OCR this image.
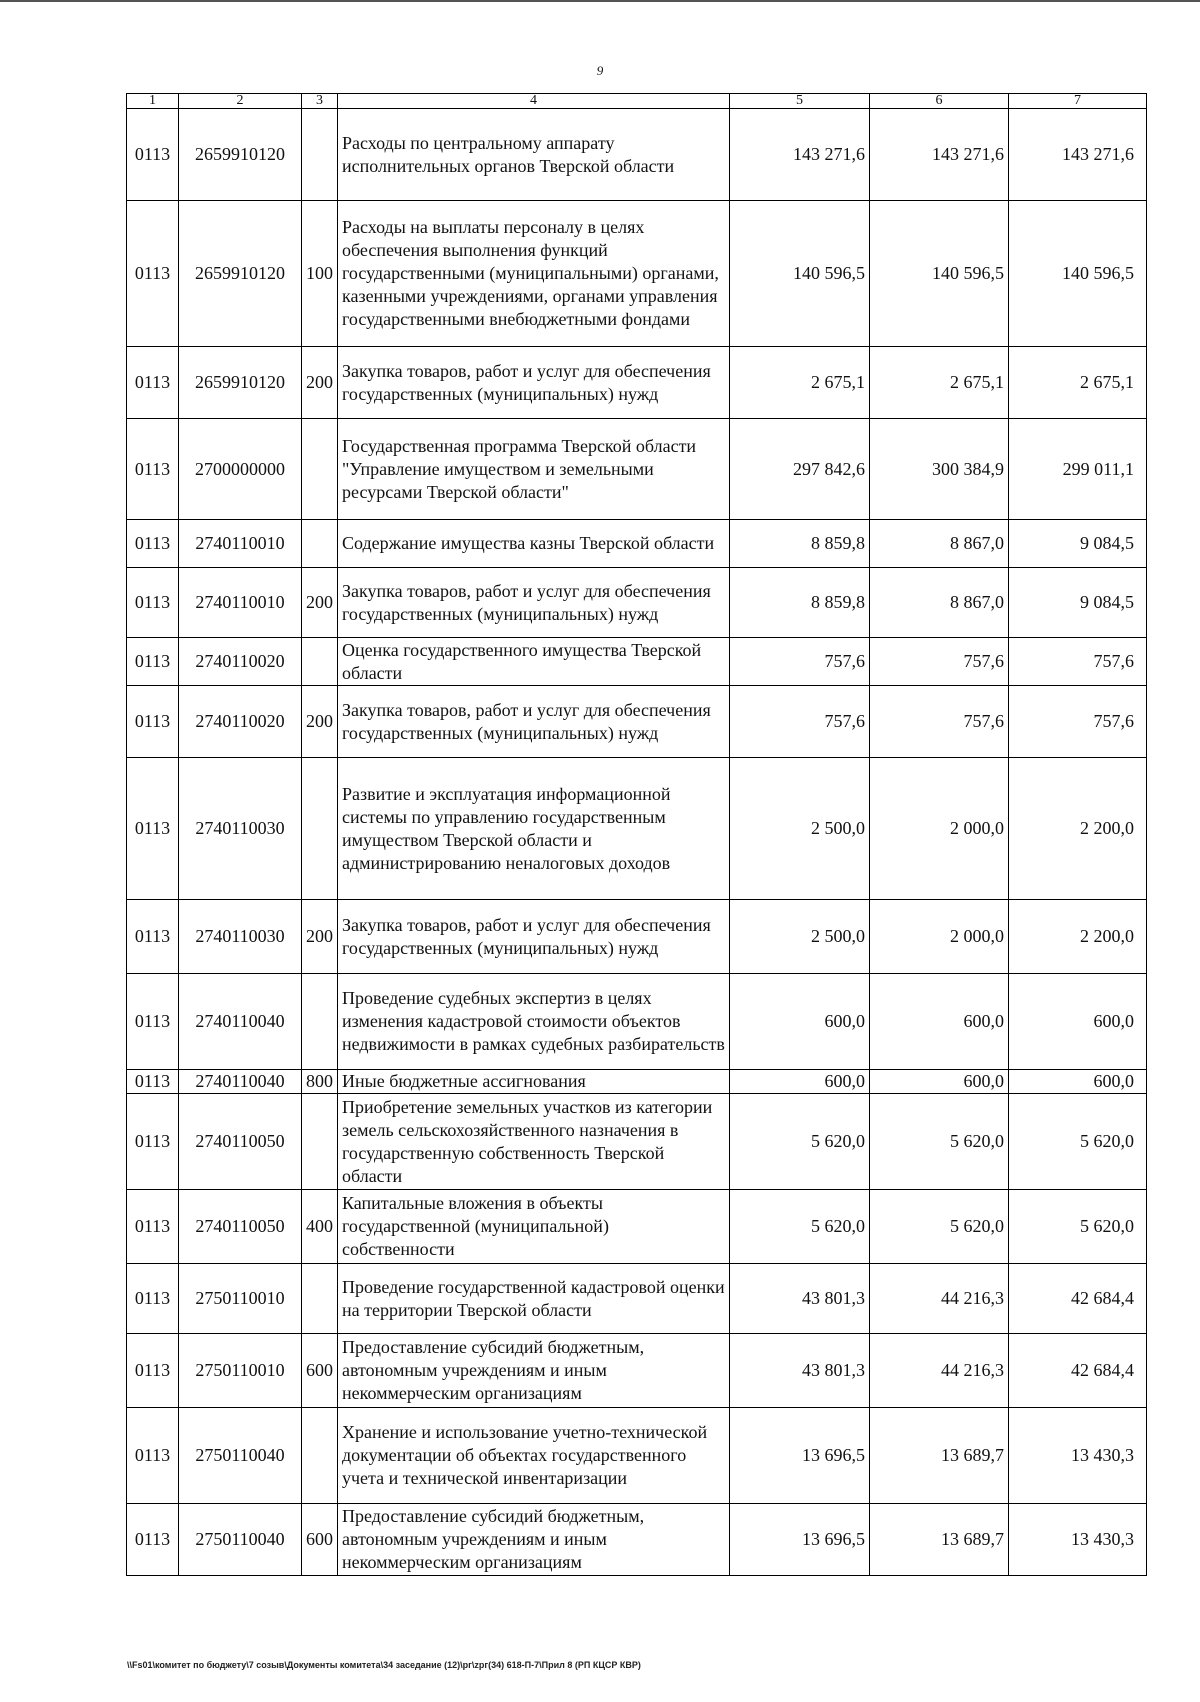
9
1	2	3	4	5	6	7
0113	2659910120		Расходы по центральному аппарату исполнительных органов Тверской области	143 271,6	143 271,6	143 271,6
0113	2659910120	100	Расходы на выплаты персоналу в целях обеспечения выполнения функций государственными (муниципальными) органами, казенными учреждениями, органами управления государственными внебюджетными фондами	140 596,5	140 596,5	140 596,5
0113	2659910120	200	Закупка товаров, работ и услуг для обеспечения государственных (муниципальных) нужд	2 675,1	2 675,1	2 675,1
0113	2700000000		Государственная программа Тверской области "Управление имуществом и земельными ресурсами Тверской области"	297 842,6	300 384,9	299 011,1
0113	2740110010		Содержание имущества казны Тверской области	8 859,8	8 867,0	9 084,5
0113	2740110010	200	Закупка товаров, работ и услуг для обеспечения государственных (муниципальных) нужд	8 859,8	8 867,0	9 084,5
0113	2740110020		Оценка государственного имущества Тверской области	757,6	757,6	757,6
0113	2740110020	200	Закупка товаров, работ и услуг для обеспечения государственных (муниципальных) нужд	757,6	757,6	757,6
0113	2740110030		Развитие и эксплуатация информационной системы по управлению государственным имуществом Тверской области и администрированию неналоговых доходов	2 500,0	2 000,0	2 200,0
0113	2740110030	200	Закупка товаров, работ и услуг для обеспечения государственных (муниципальных) нужд	2 500,0	2 000,0	2 200,0
0113	2740110040		Проведение судебных экспертиз в целях изменения кадастровой стоимости объектов недвижимости в рамках судебных разбирательств	600,0	600,0	600,0
0113	2740110040	800	Иные бюджетные ассигнования	600,0	600,0	600,0
0113	2740110050		Приобретение земельных участков из категории земель сельскохозяйственного назначения в государственную собственность Тверской области	5 620,0	5 620,0	5 620,0
0113	2740110050	400	Капитальные вложения в объекты государственной (муниципальной) собственности	5 620,0	5 620,0	5 620,0
0113	2750110010		Проведение государственной кадастровой оценки на территории Тверской области	43 801,3	44 216,3	42 684,4
0113	2750110010	600	Предоставление субсидий бюджетным, автономным учреждениям и иным некоммерческим организациям	43 801,3	44 216,3	42 684,4
0113	2750110040		Хранение и использование учетно-технической документации об объектах государственного учета и технической инвентаризации	13 696,5	13 689,7	13 430,3
0113	2750110040	600	Предоставление субсидий бюджетным, автономным учреждениям и иным некоммерческим организациям	13 696,5	13 689,7	13 430,3
\\Fs01\комитет по бюджету\7 созыв\Документы комитета\34 заседание (12)\рг\zрг(34) 618-П-7\Прил 8 (РП КЦСР КВР)
